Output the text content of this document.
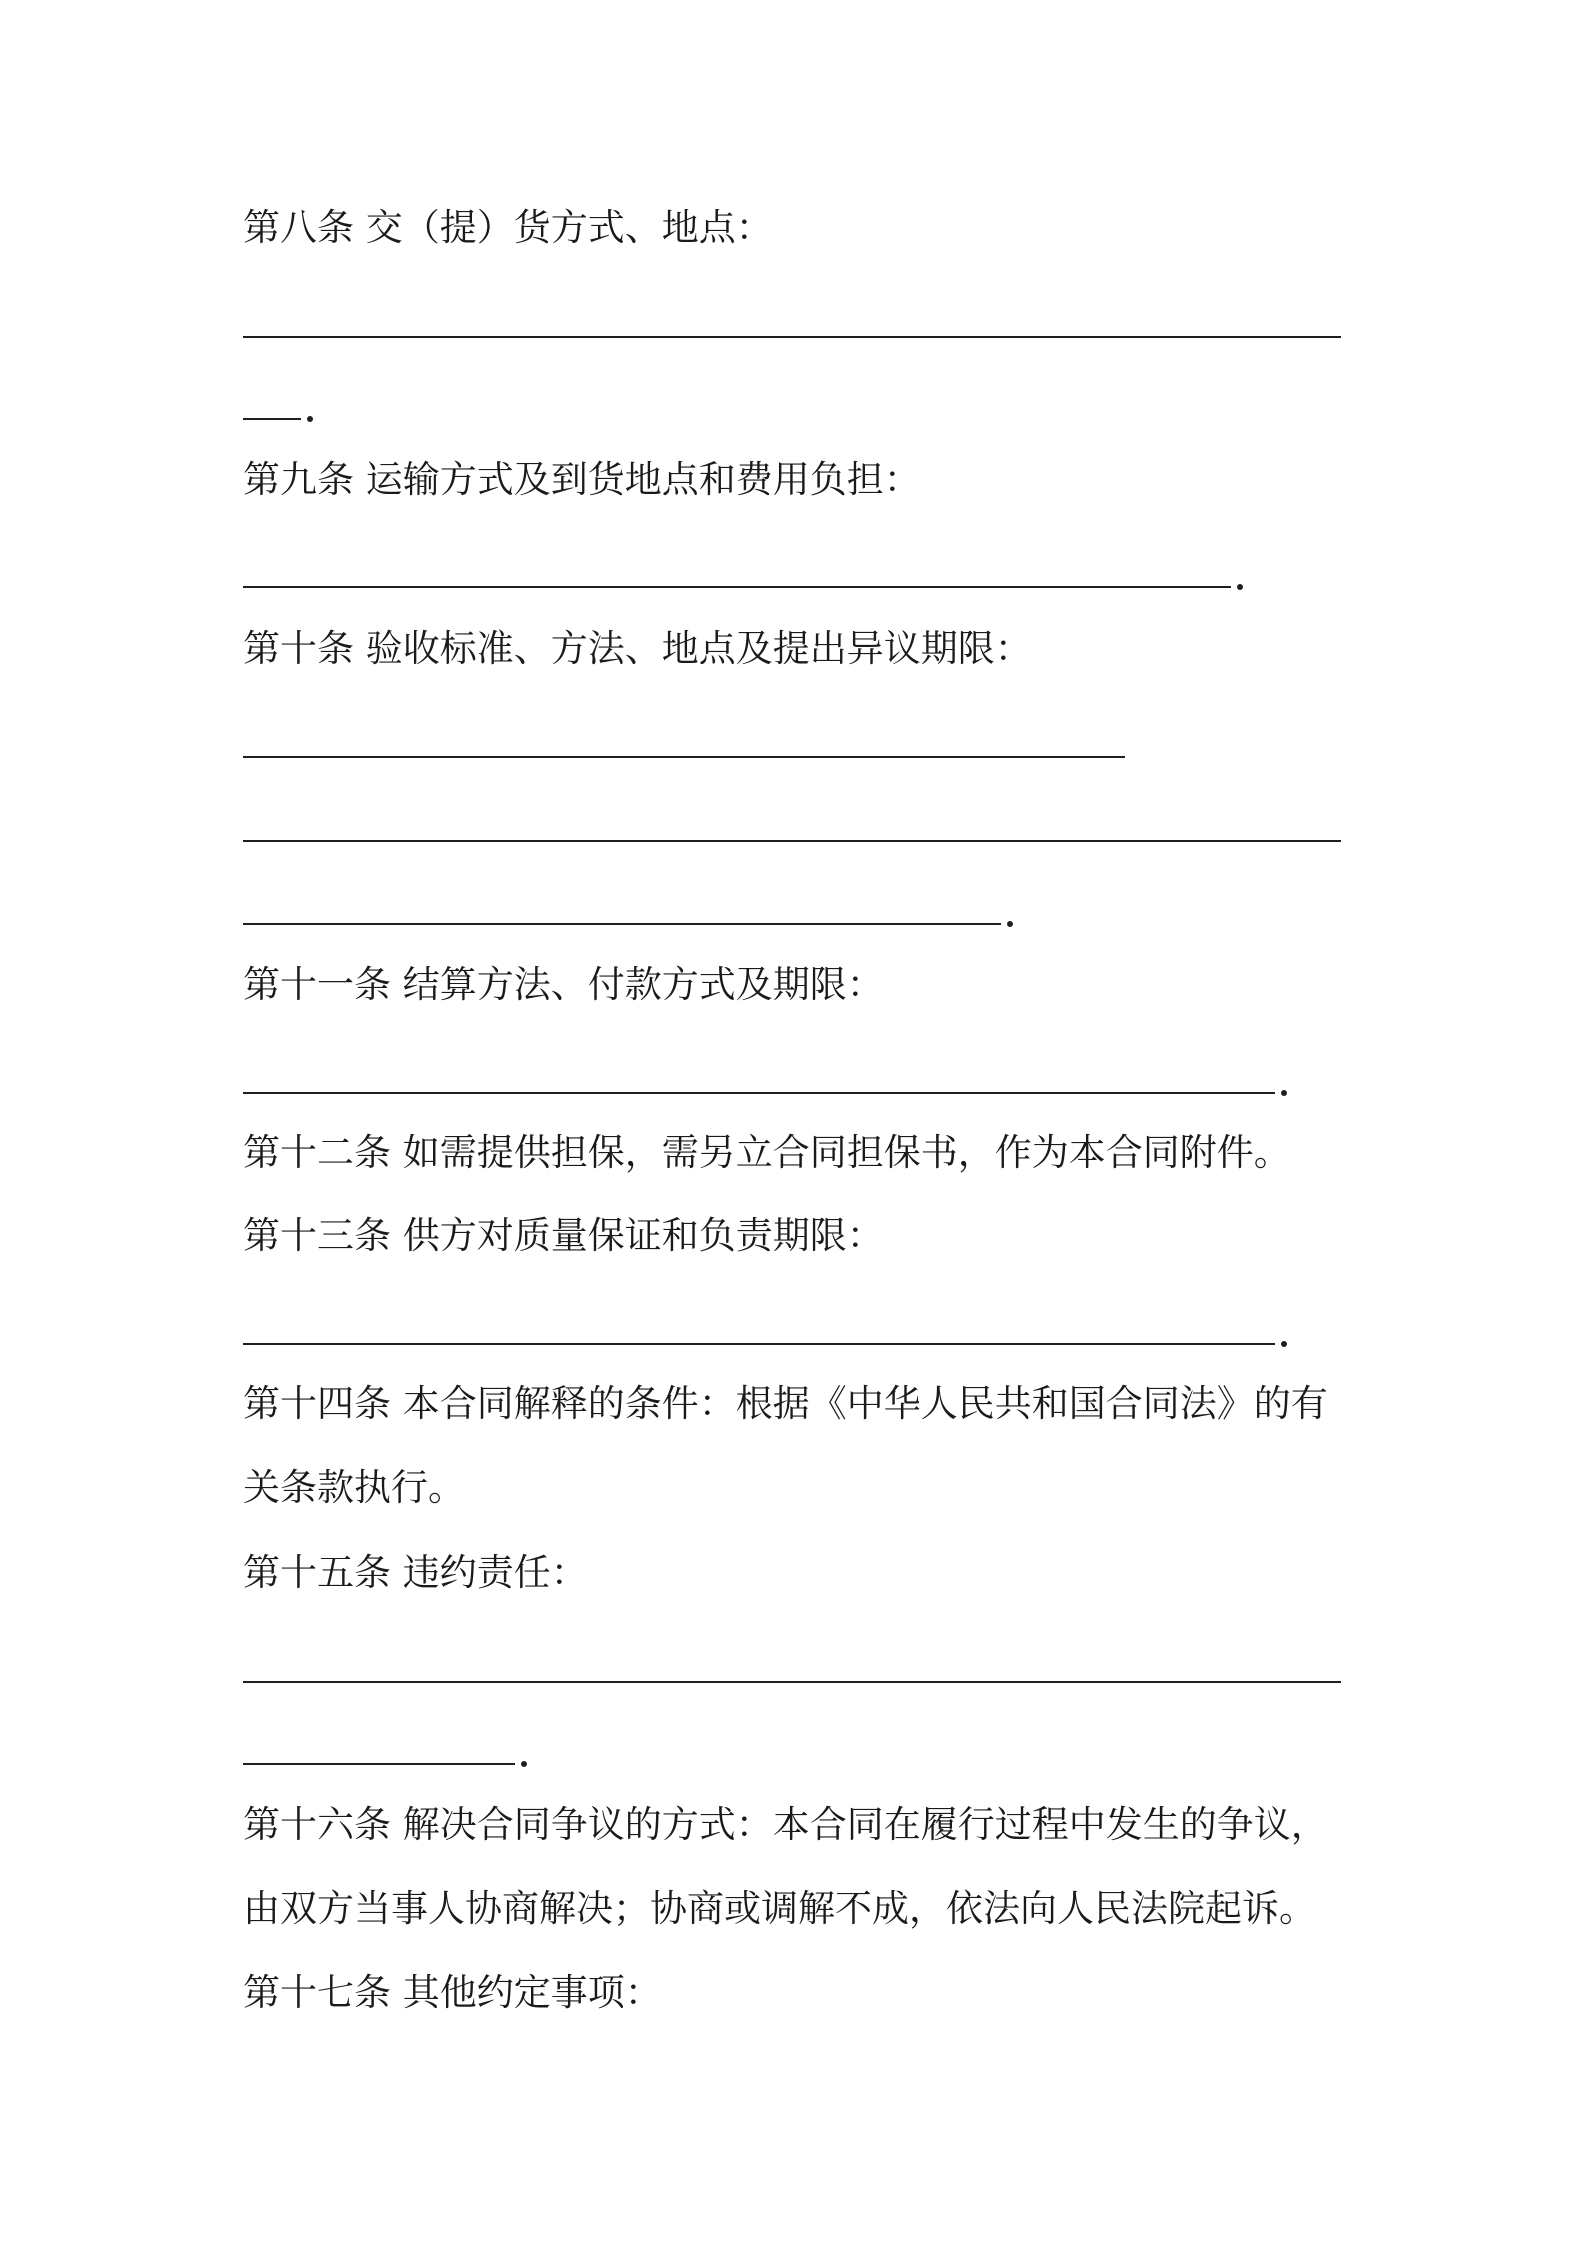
第八条 交（提）货方式、地点：
第九条 运输方式及到货地点和费用负担：
第十条 验收标准、方法、地点及提出异议期限：
第十一条 结算方法、付款方式及期限：
第十二条 如需提供担保，需另立合同担保书，作为本合同附件。
第十三条 供方对质量保证和负责期限：
第十四条 本合同解释的条件：根据《中华人民共和国合同法》的有
关条款执行。
第十五条 违约责任：
第十六条 解决合同争议的方式：本合同在履行过程中发生的争议，
由双方当事人协商解决；协商或调解不成，依法向人民法院起诉。
第十七条 其他约定事项：
